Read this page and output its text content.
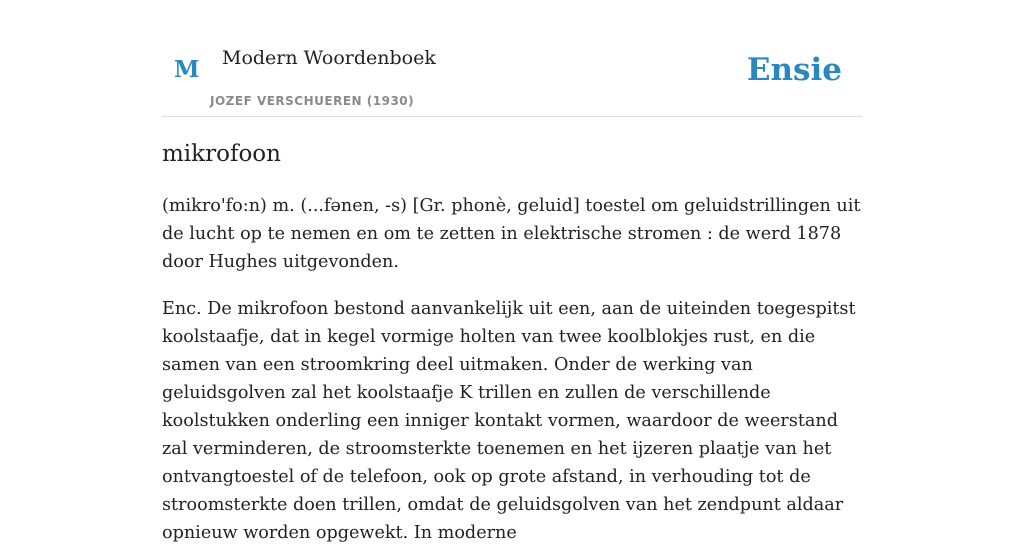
M Modern Woordenboek
JOZEF VERSCHUEREN (1930)
Ensie
mikrofoon

(mikro'fo:n) m. (...fənen, -s) [Gr. phonè, geluid] toestel om geluidstrillingen uit de lucht op te nemen en om te zetten in elektrische stromen : de werd 1878 door Hughes uitgevonden.

Enc. De mikrofoon bestond aanvankelijk uit een, aan de uiteinden toegespitst koolstaafje, dat in kegel vormige holten van twee koolblokjes rust, en die samen van een stroomkring deel uitmaken. Onder de werking van geluidsgolven zal het koolstaafje K trillen en zullen de verschillende koolstukken onderling een inniger kontakt vormen, waardoor de weerstand zal verminderen, de stroomsterkte toenemen en het ijzeren plaatje van het ontvangtoestel of de telefoon, ook op grote afstand, in verhouding tot de stroomsterkte doen trillen, omdat de geluidsgolven van het zendpunt aldaar opnieuw worden opgewekt. In moderne
